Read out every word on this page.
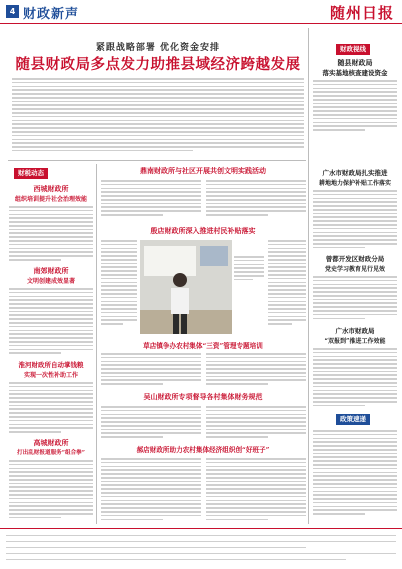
4 财政新声	随州日报
紧跟战略部署 优化资金安排
随县财政局多点发力助推县域经济跨越发展
财政视线
随县财政局
落实基地核查建设资金
广水市财政局扎实推进
耕地地力保护补贴工作落实
曾都开发区财政分局
党史学习教育见行见效
广水市财政局
“双报到”推进工作效能
政策速递
财税动态
西城财政所
组织培训提升社会治理效能
南郊财政所
文明创建成效显著
淮河财政所自动掌钱粮
实现一次性补助工作
高城财政所
打出乱财报道服务“组合拳”
鼎南财政所与社区开展共创文明实践活动
殷店财政所深入推进村民补贴落实
草店镇争办农村集体“三资”管理专题培训
吴山财政所专项督导各村集体财务规范
郝店财政所助力农村集体经济组织创“好班子”
